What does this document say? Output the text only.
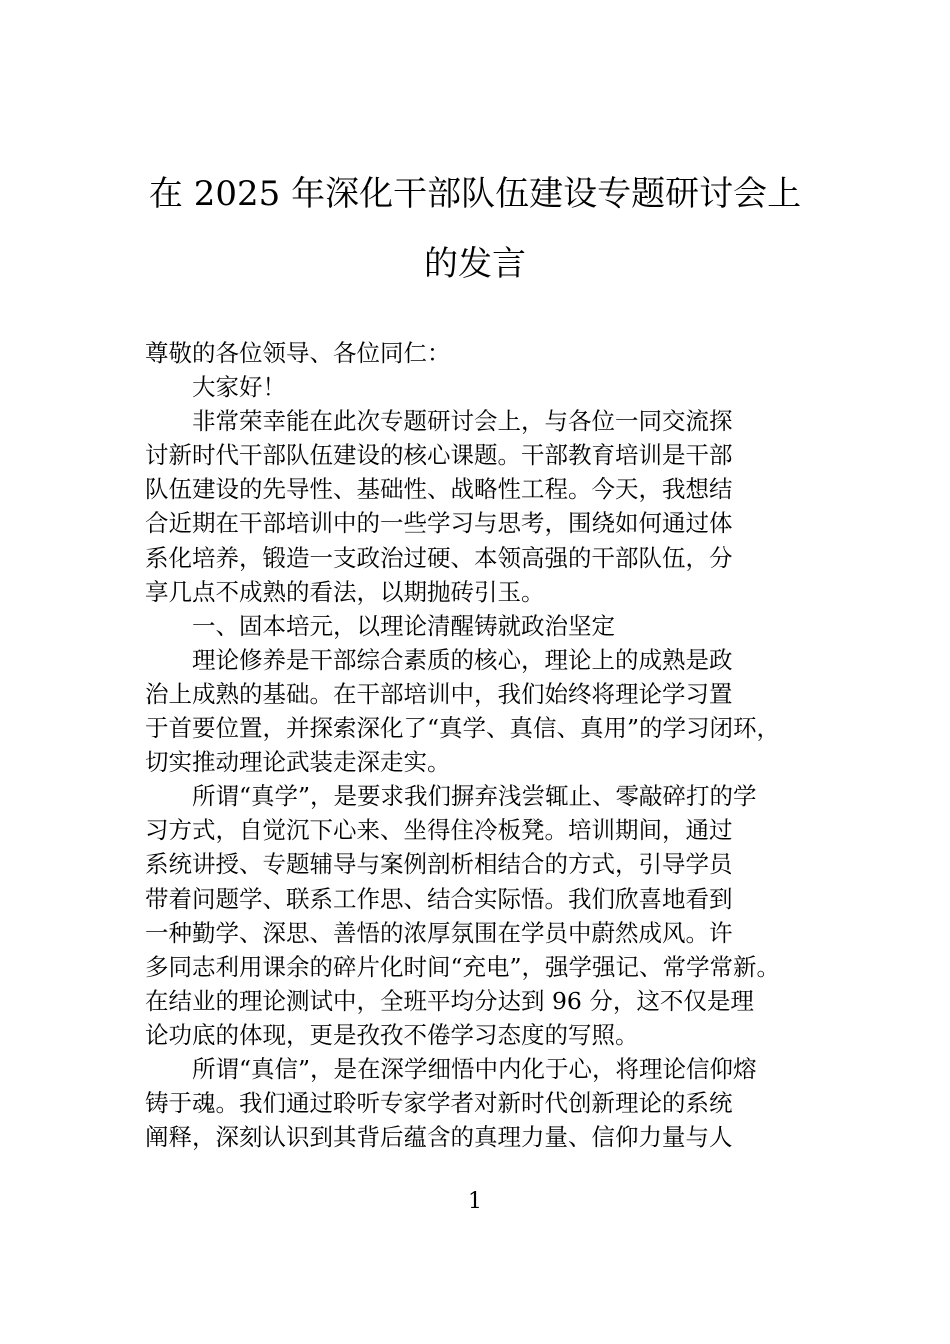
在 2025 年深化干部队伍建设专题研讨会上
的发言
尊敬的各位领导、各位同仁：
大家好！
非常荣幸能在此次专题研讨会上，与各位一同交流探
讨新时代干部队伍建设的核心课题。干部教育培训是干部
队伍建设的先导性、基础性、战略性工程。今天，我想结
合近期在干部培训中的一些学习与思考，围绕如何通过体
系化培养，锻造一支政治过硬、本领高强的干部队伍，分
享几点不成熟的看法，以期抛砖引玉。
一、固本培元，以理论清醒铸就政治坚定
理论修养是干部综合素质的核心，理论上的成熟是政
治上成熟的基础。在干部培训中，我们始终将理论学习置
于首要位置，并探索深化了“真学、真信、真用”的学习闭环，
切实推动理论武装走深走实。
所谓“真学”，是要求我们摒弃浅尝辄止、零敲碎打的学
习方式，自觉沉下心来、坐得住冷板凳。培训期间，通过
系统讲授、专题辅导与案例剖析相结合的方式，引导学员
带着问题学、联系工作思、结合实际悟。我们欣喜地看到
一种勤学、深思、善悟的浓厚氛围在学员中蔚然成风。许
多同志利用课余的碎片化时间“充电”，强学强记、常学常新。
在结业的理论测试中，全班平均分达到 96 分，这不仅是理
论功底的体现，更是孜孜不倦学习态度的写照。
所谓“真信”，是在深学细悟中内化于心，将理论信仰熔
铸于魂。我们通过聆听专家学者对新时代创新理论的系统
阐释，深刻认识到其背后蕴含的真理力量、信仰力量与人
1
